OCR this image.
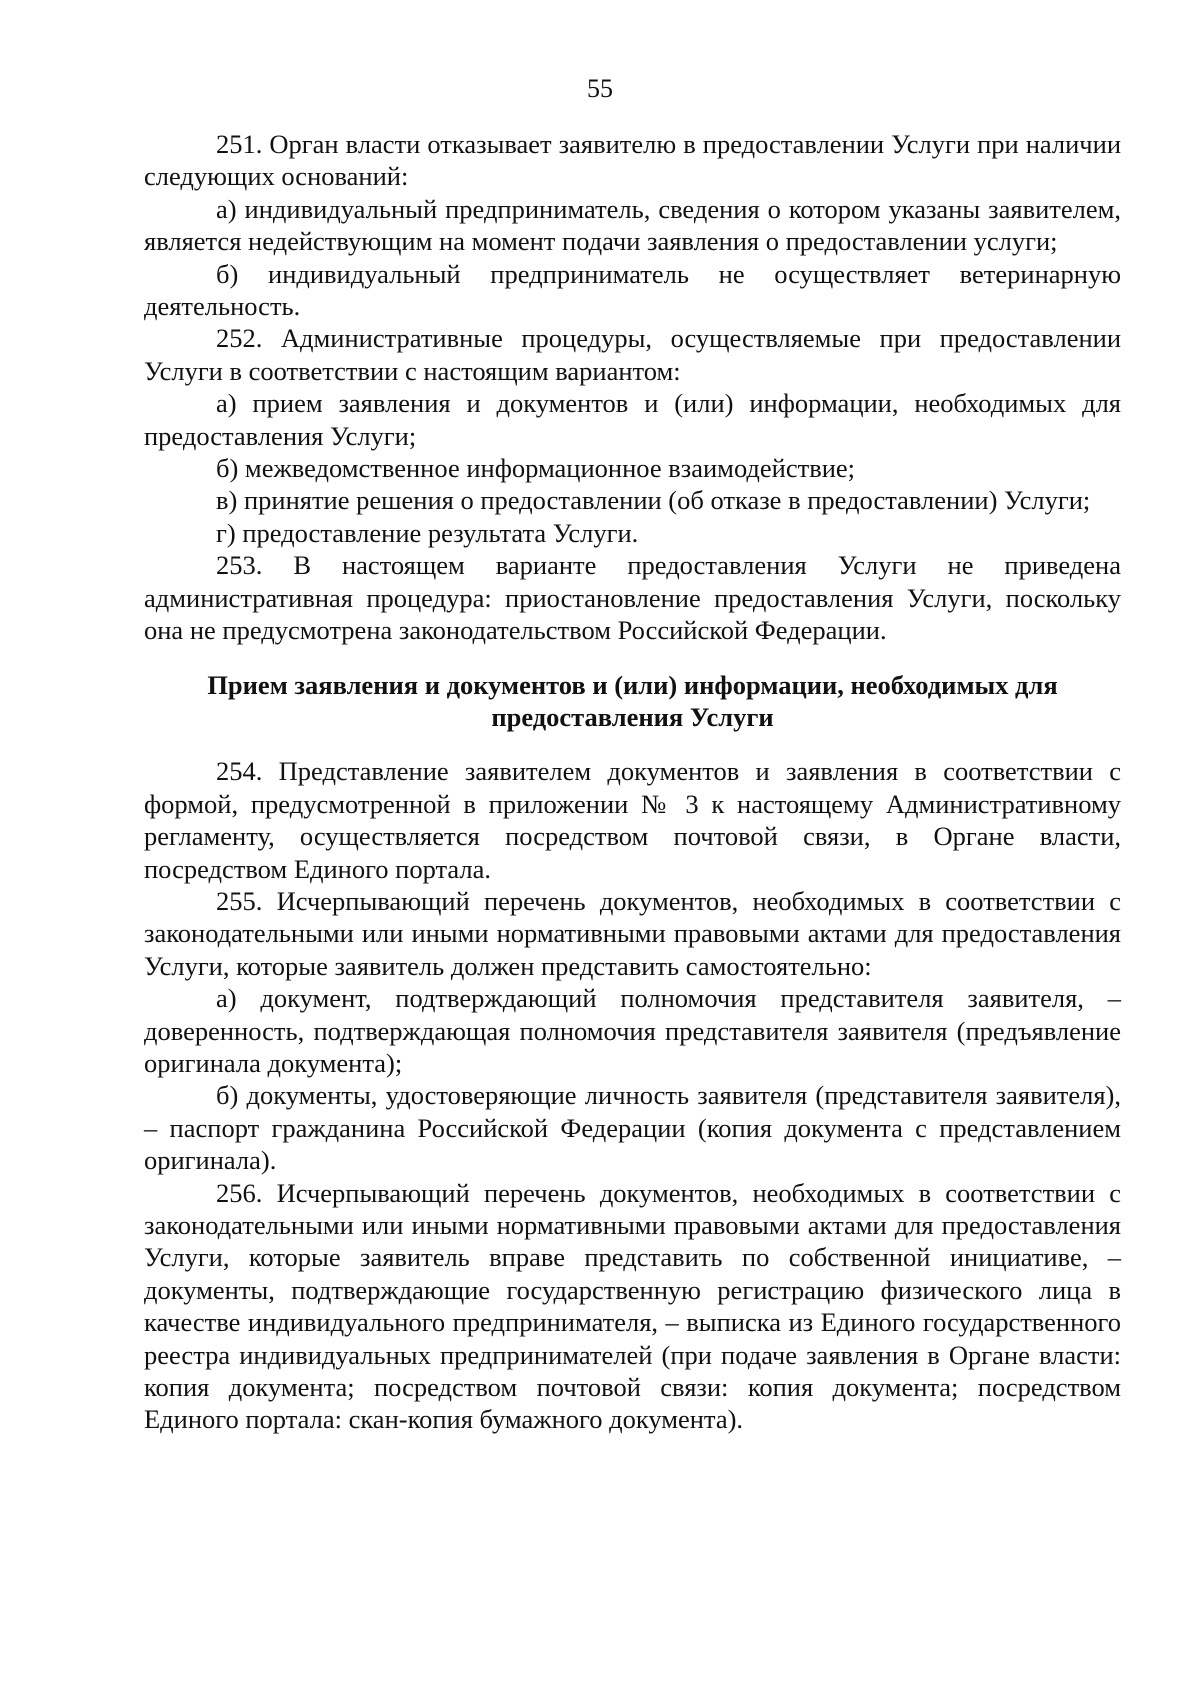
55

251. Орган власти отказывает заявителю в предоставлении Услуги при наличии следующих оснований:

а) индивидуальный предприниматель, сведения о котором указаны заявителем, является недействующим на момент подачи заявления о предоставлении услуги;

б) индивидуальный предприниматель не осуществляет ветеринарную деятельность.

252. Административные процедуры, осуществляемые при предоставлении Услуги в соответствии с настоящим вариантом:

а) прием заявления и документов и (или) информации, необходимых для предоставления Услуги;

б) межведомственное информационное взаимодействие;

в) принятие решения о предоставлении (об отказе в предоставлении) Услуги;

г) предоставление результата Услуги.

253. В настоящем варианте предоставления Услуги не приведена административная процедура: приостановление предоставления Услуги, поскольку она не предусмотрена законодательством Российской Федерации.

Прием заявления и документов и (или) информации, необходимых для
предоставления Услуги

254. Представление заявителем документов и заявления в соответствии с формой, предусмотренной в приложении № 3 к настоящему Административному регламенту, осуществляется посредством почтовой связи, в Органе власти, посредством Единого портала.

255. Исчерпывающий перечень документов, необходимых в соответствии с законодательными или иными нормативными правовыми актами для предоставления Услуги, которые заявитель должен представить самостоятельно:

а) документ, подтверждающий полномочия представителя заявителя, – доверенность, подтверждающая полномочия представителя заявителя (предъявление оригинала документа);

б) документы, удостоверяющие личность заявителя (представителя заявителя), – паспорт гражданина Российской Федерации (копия документа с представлением оригинала).

256. Исчерпывающий перечень документов, необходимых в соответствии с законодательными или иными нормативными правовыми актами для предоставления Услуги, которые заявитель вправе представить по собственной инициативе, – документы, подтверждающие государственную регистрацию физического лица в качестве индивидуального предпринимателя, – выписка из Единого государственного реестра индивидуальных предпринимателей (при подаче заявления в Органе власти: копия документа; посредством почтовой связи: копия документа; посредством Единого портала: скан-копия бумажного документа).
